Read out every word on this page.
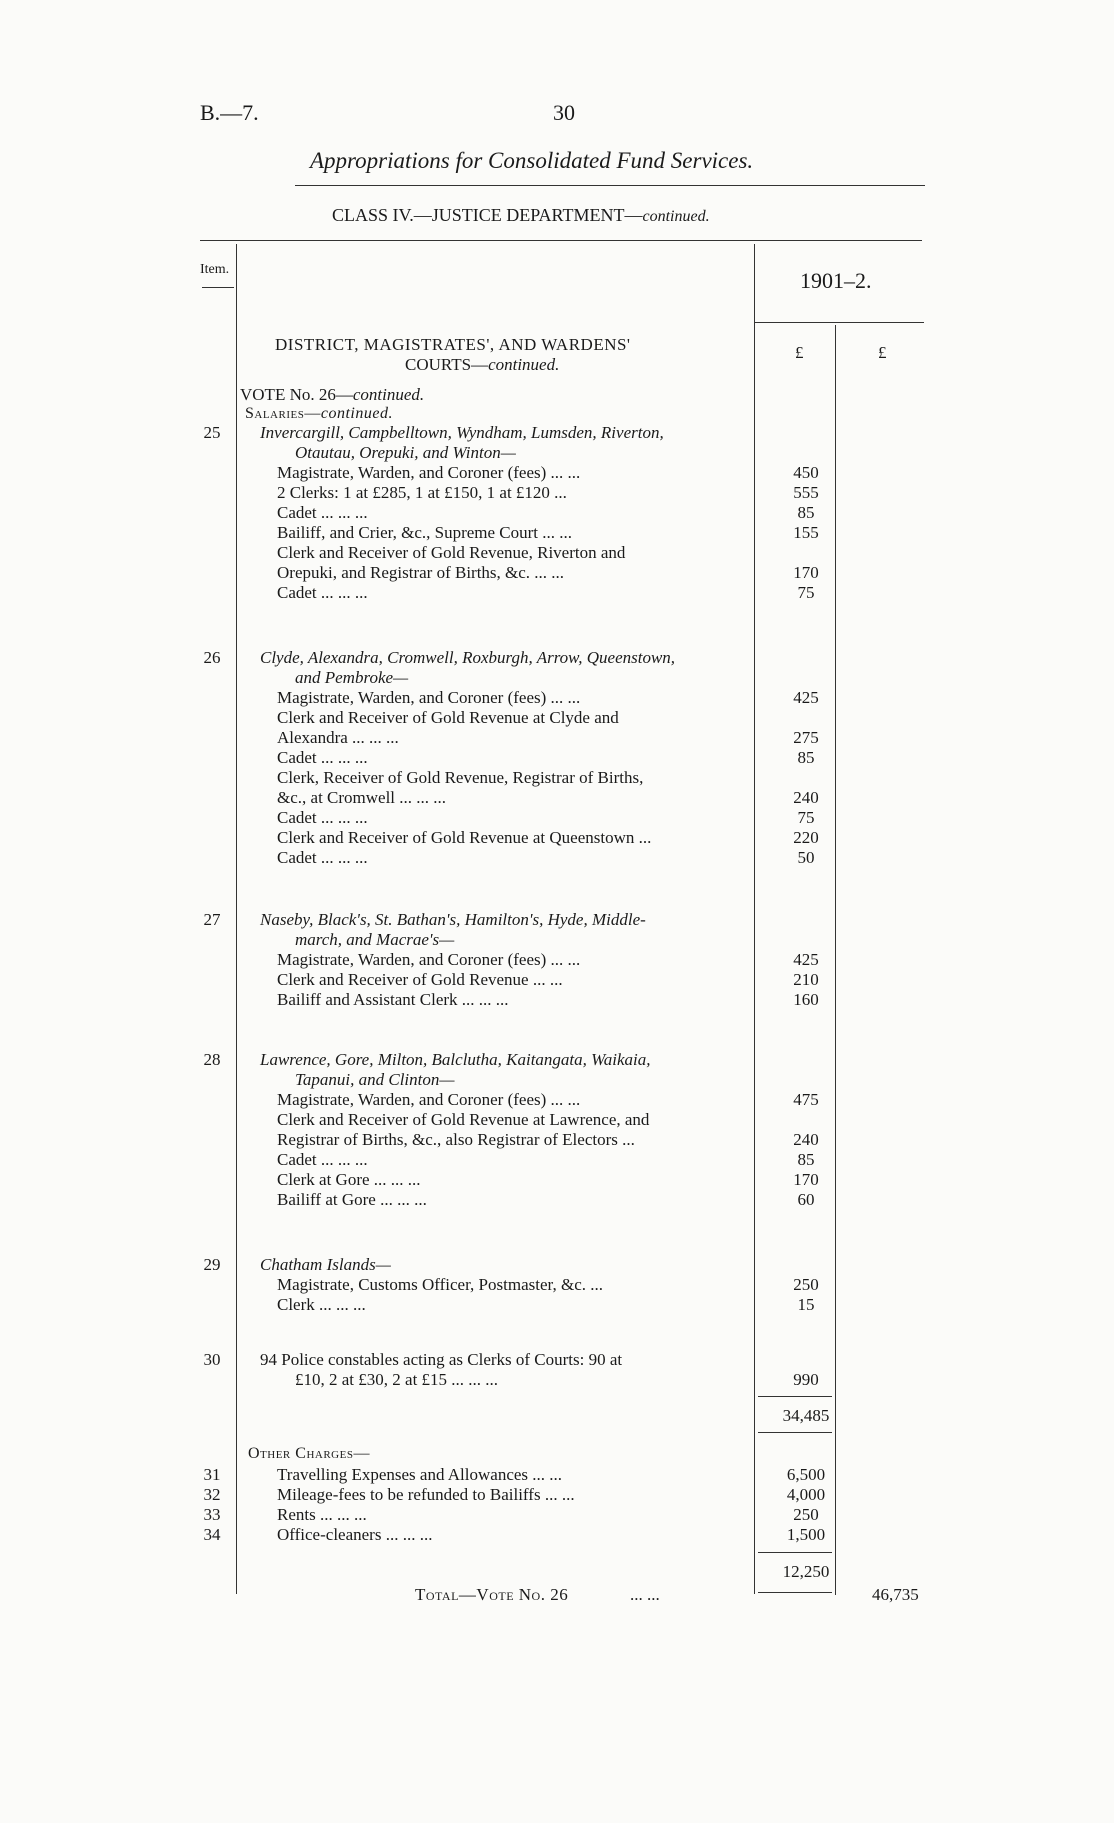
B.—7.	30
Appropriations for Consolidated Fund Services.
CLASS IV.—JUSTICE DEPARTMENT—continued.
Item.	1901–2.
£	£
DISTRICT, MAGISTRATES', AND WARDENS'
COURTS—continued.
VOTE No. 26—continued.
Salaries—continued.
25	Invercargill, Campbelltown, Wyndham, Lumsden, Riverton,
Otautau, Orepuki, and Winton—
Magistrate, Warden, and Coroner (fees) ... ...	450
2 Clerks: 1 at £285, 1 at £150, 1 at £120 ...	555
Cadet ... ... ...	85
Bailiff, and Crier, &c., Supreme Court ... ...	155
Clerk and Receiver of Gold Revenue, Riverton and
Orepuki, and Registrar of Births, &c. ... ...	170
Cadet ... ... ...	75
26	Clyde, Alexandra, Cromwell, Roxburgh, Arrow, Queenstown,
and Pembroke—
Magistrate, Warden, and Coroner (fees) ... ...	425
Clerk and Receiver of Gold Revenue at Clyde and
Alexandra ... ... ...	275
Cadet ... ... ...	85
Clerk, Receiver of Gold Revenue, Registrar of Births,
&c., at Cromwell ... ... ...	240
Cadet ... ... ...	75
Clerk and Receiver of Gold Revenue at Queenstown ...	220
Cadet ... ... ...	50
27	Naseby, Black's, St. Bathan's, Hamilton's, Hyde, Middle-
march, and Macrae's—
Magistrate, Warden, and Coroner (fees) ... ...	425
Clerk and Receiver of Gold Revenue ... ...	210
Bailiff and Assistant Clerk ... ... ...	160
28	Lawrence, Gore, Milton, Balclutha, Kaitangata, Waikaia,
Tapanui, and Clinton—
Magistrate, Warden, and Coroner (fees) ... ...	475
Clerk and Receiver of Gold Revenue at Lawrence, and
Registrar of Births, &c., also Registrar of Electors ...	240
Cadet ... ... ...	85
Clerk at Gore ... ... ...	170
Bailiff at Gore ... ... ...	60
29	Chatham Islands—
Magistrate, Customs Officer, Postmaster, &c. ...	250
Clerk ... ... ...	15
30	94 Police constables acting as Clerks of Courts: 90 at
£10, 2 at £30, 2 at £15 ... ... ...	990
34,485
Other Charges—
31	Travelling Expenses and Allowances ... ...	6,500
32	Mileage-fees to be refunded to Bailiffs ... ...	4,000
33	Rents ... ... ...	250
34	Office-cleaners ... ... ...	1,500
12,250
Total—Vote No. 26	... ...	46,735
